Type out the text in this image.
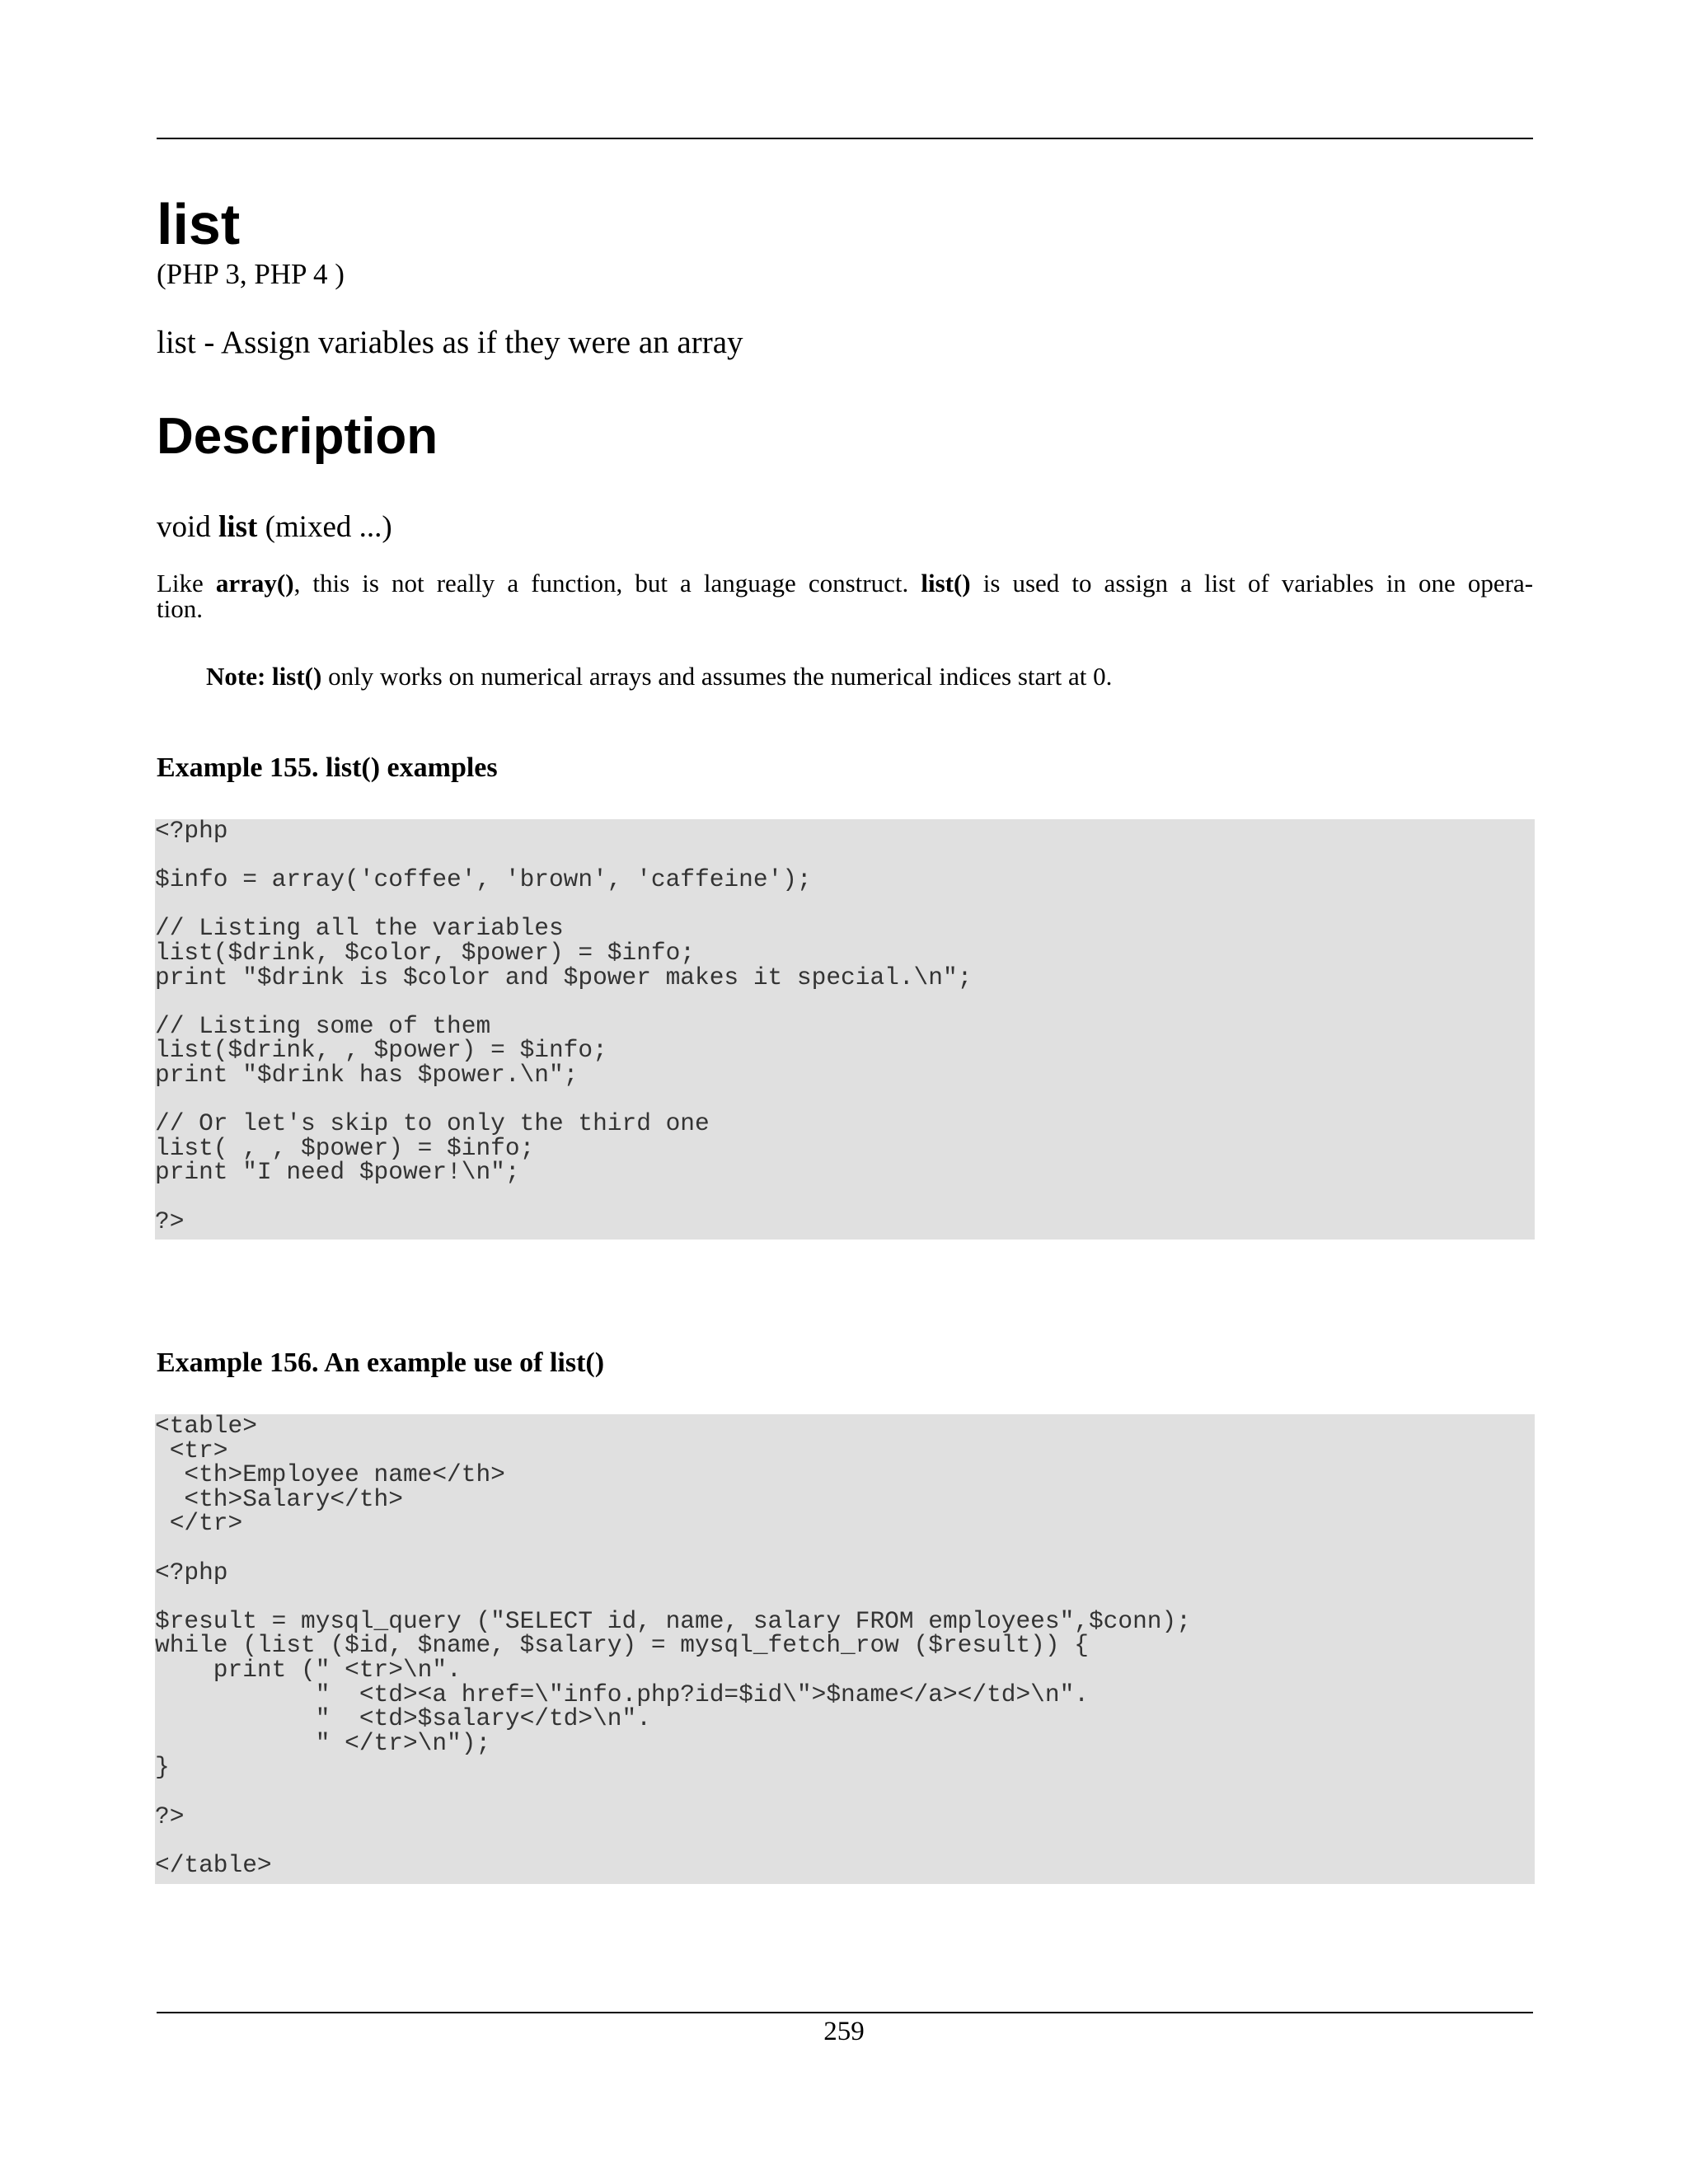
list
(PHP 3, PHP 4 )
list - Assign variables as if they were an array
Description
void list (mixed ...)
Like array(), this is not really a function, but a language construct. list() is used to assign a list of variables in one opera-
tion.
Note: list() only works on numerical arrays and assumes the numerical indices start at 0.
Example 155. list() examples
<?php
$info = array('coffee', 'brown', 'caffeine');
// Listing all the variables
list($drink, $color, $power) = $info;
print "$drink is $color and $power makes it special.\n";
// Listing some of them
list($drink, , $power) = $info;
print "$drink has $power.\n";
// Or let's skip to only the third one
list( , , $power) = $info;
print "I need $power!\n";
?>
Example 156. An example use of list()
<table>
<tr>
<th>Employee name</th>
<th>Salary</th>
</tr>
<?php
$result = mysql_query ("SELECT id, name, salary FROM employees",$conn);
while (list ($id, $name, $salary) = mysql_fetch_row ($result)) {
print (" <tr>\n".
"  <td><a href=\"info.php?id=$id\">$name</a></td>\n".
"  <td>$salary</td>\n".
" </tr>\n");
}
?>
</table>
259
